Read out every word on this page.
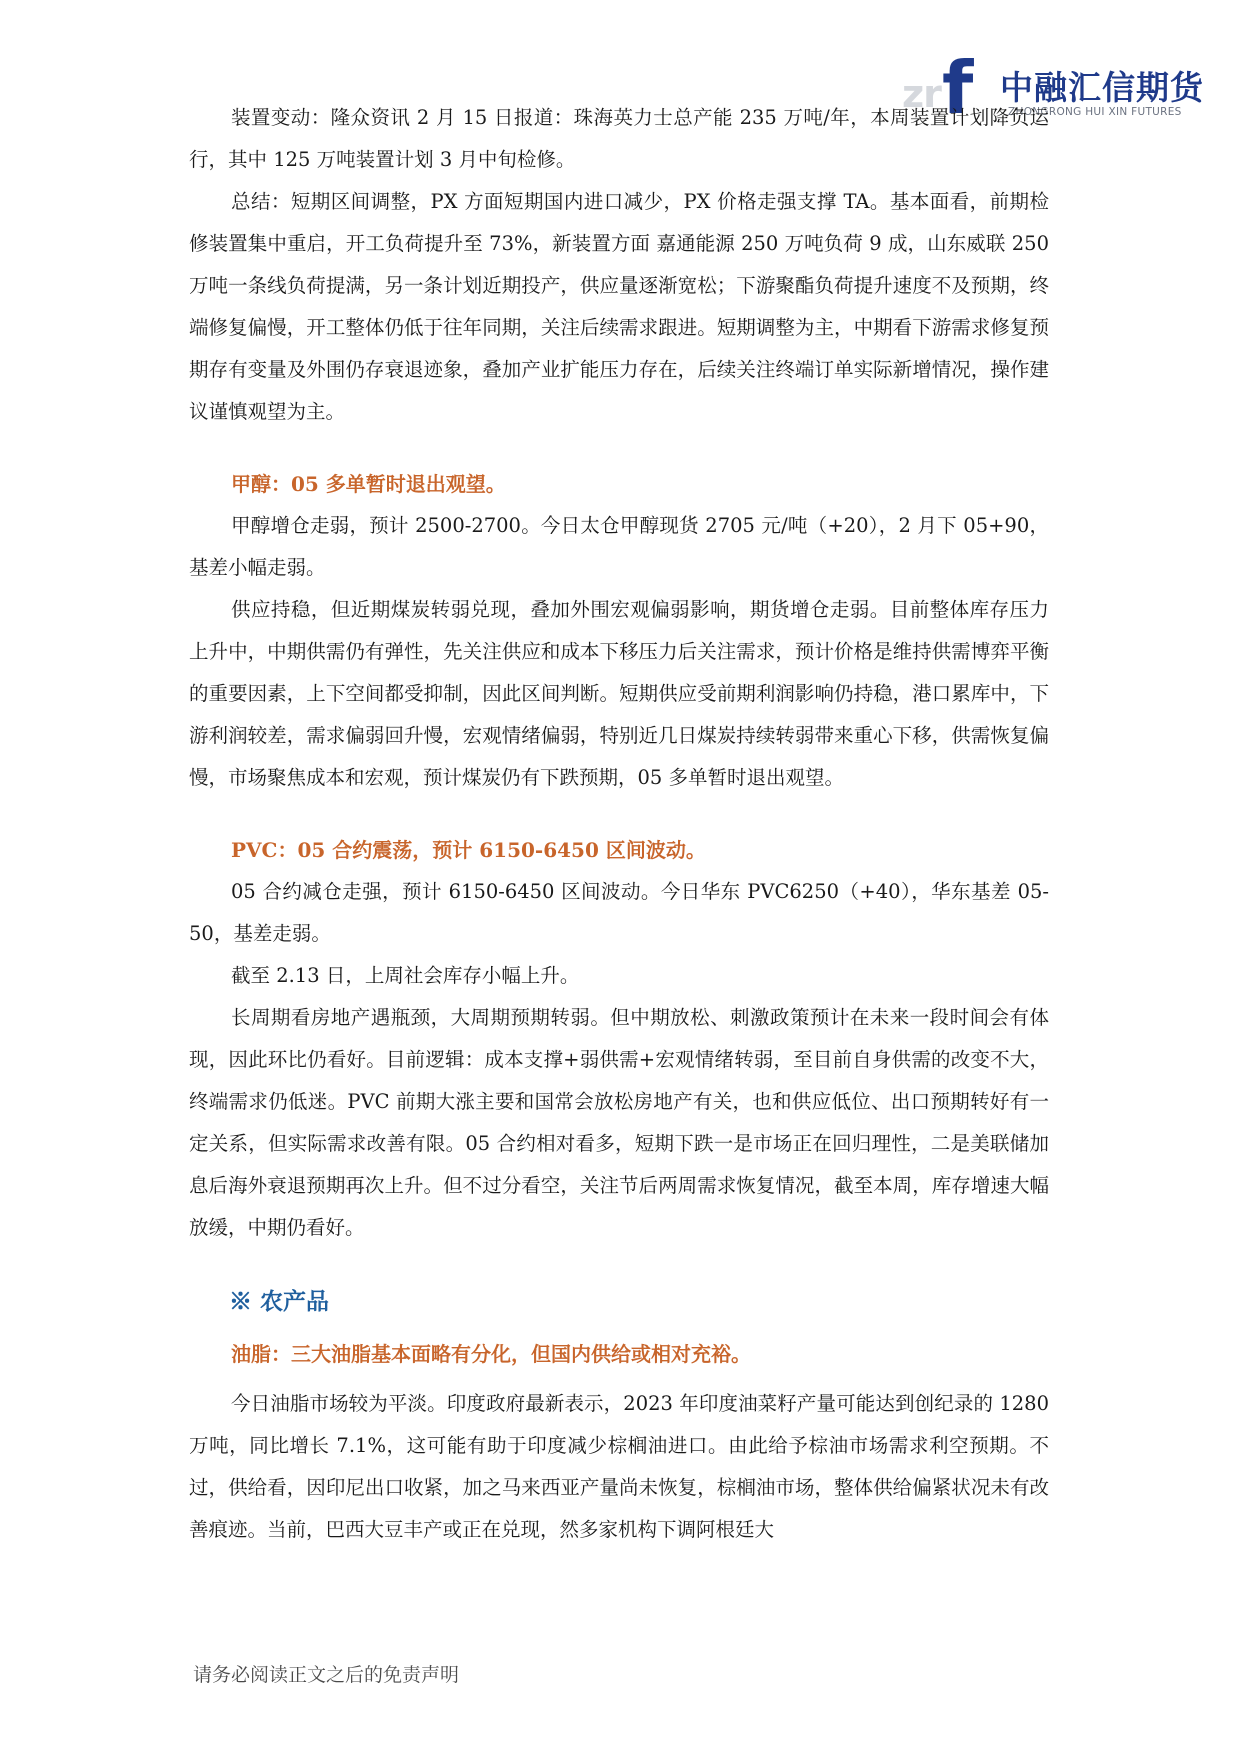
zr f 中融汇信期货
ZHONGRONG HUI XIN FUTURES

装置变动：隆众资讯 2 月 15 日报道：珠海英力士总产能 235 万吨/年，本周装置计划降负运行，其中 125 万吨装置计划 3 月中旬检修。

总结：短期区间调整，PX 方面短期国内进口减少，PX 价格走强支撑 TA。基本面看，前期检修装置集中重启，开工负荷提升至 73%，新装置方面 嘉通能源 250 万吨负荷 9 成，山东威联 250 万吨一条线负荷提满，另一条计划近期投产，供应量逐渐宽松；下游聚酯负荷提升速度不及预期，终端修复偏慢，开工整体仍低于往年同期，关注后续需求跟进。短期调整为主，中期看下游需求修复预期存有变量及外围仍存衰退迹象，叠加产业扩能压力存在，后续关注终端订单实际新增情况，操作建议谨慎观望为主。

甲醇：05 多单暂时退出观望。

甲醇增仓走弱，预计 2500-2700。今日太仓甲醇现货 2705 元/吨（+20），2 月下 05+90，基差小幅走弱。

供应持稳，但近期煤炭转弱兑现，叠加外围宏观偏弱影响，期货增仓走弱。目前整体库存压力上升中，中期供需仍有弹性，先关注供应和成本下移压力后关注需求，预计价格是维持供需博弈平衡的重要因素，上下空间都受抑制，因此区间判断。短期供应受前期利润影响仍持稳，港口累库中，下游利润较差，需求偏弱回升慢，宏观情绪偏弱，特别近几日煤炭持续转弱带来重心下移，供需恢复偏慢，市场聚焦成本和宏观，预计煤炭仍有下跌预期，05 多单暂时退出观望。

PVC：05 合约震荡，预计 6150-6450 区间波动。

05 合约减仓走强，预计 6150-6450 区间波动。今日华东 PVC6250（+40），华东基差 05-50，基差走弱。

截至 2.13 日，上周社会库存小幅上升。

长周期看房地产遇瓶颈，大周期预期转弱。但中期放松、刺激政策预计在未来一段时间会有体现，因此环比仍看好。目前逻辑：成本支撑+弱供需+宏观情绪转弱，至目前自身供需的改变不大，终端需求仍低迷。PVC 前期大涨主要和国常会放松房地产有关，也和供应低位、出口预期转好有一定关系，但实际需求改善有限。05 合约相对看多，短期下跌一是市场正在回归理性，二是美联储加息后海外衰退预期再次上升。但不过分看空，关注节后两周需求恢复情况，截至本周，库存增速大幅放缓，中期仍看好。

※ 农产品
油脂：三大油脂基本面略有分化，但国内供给或相对充裕。

今日油脂市场较为平淡。印度政府最新表示，2023 年印度油菜籽产量可能达到创纪录的 1280 万吨，同比增长 7.1%，这可能有助于印度减少棕榈油进口。由此给予棕油市场需求利空预期。不过，供给看，因印尼出口收紧，加之马来西亚产量尚未恢复，棕榈油市场，整体供给偏紧状况未有改善痕迹。当前，巴西大豆丰产或正在兑现，然多家机构下调阿根廷大

请务必阅读正文之后的免责声明
